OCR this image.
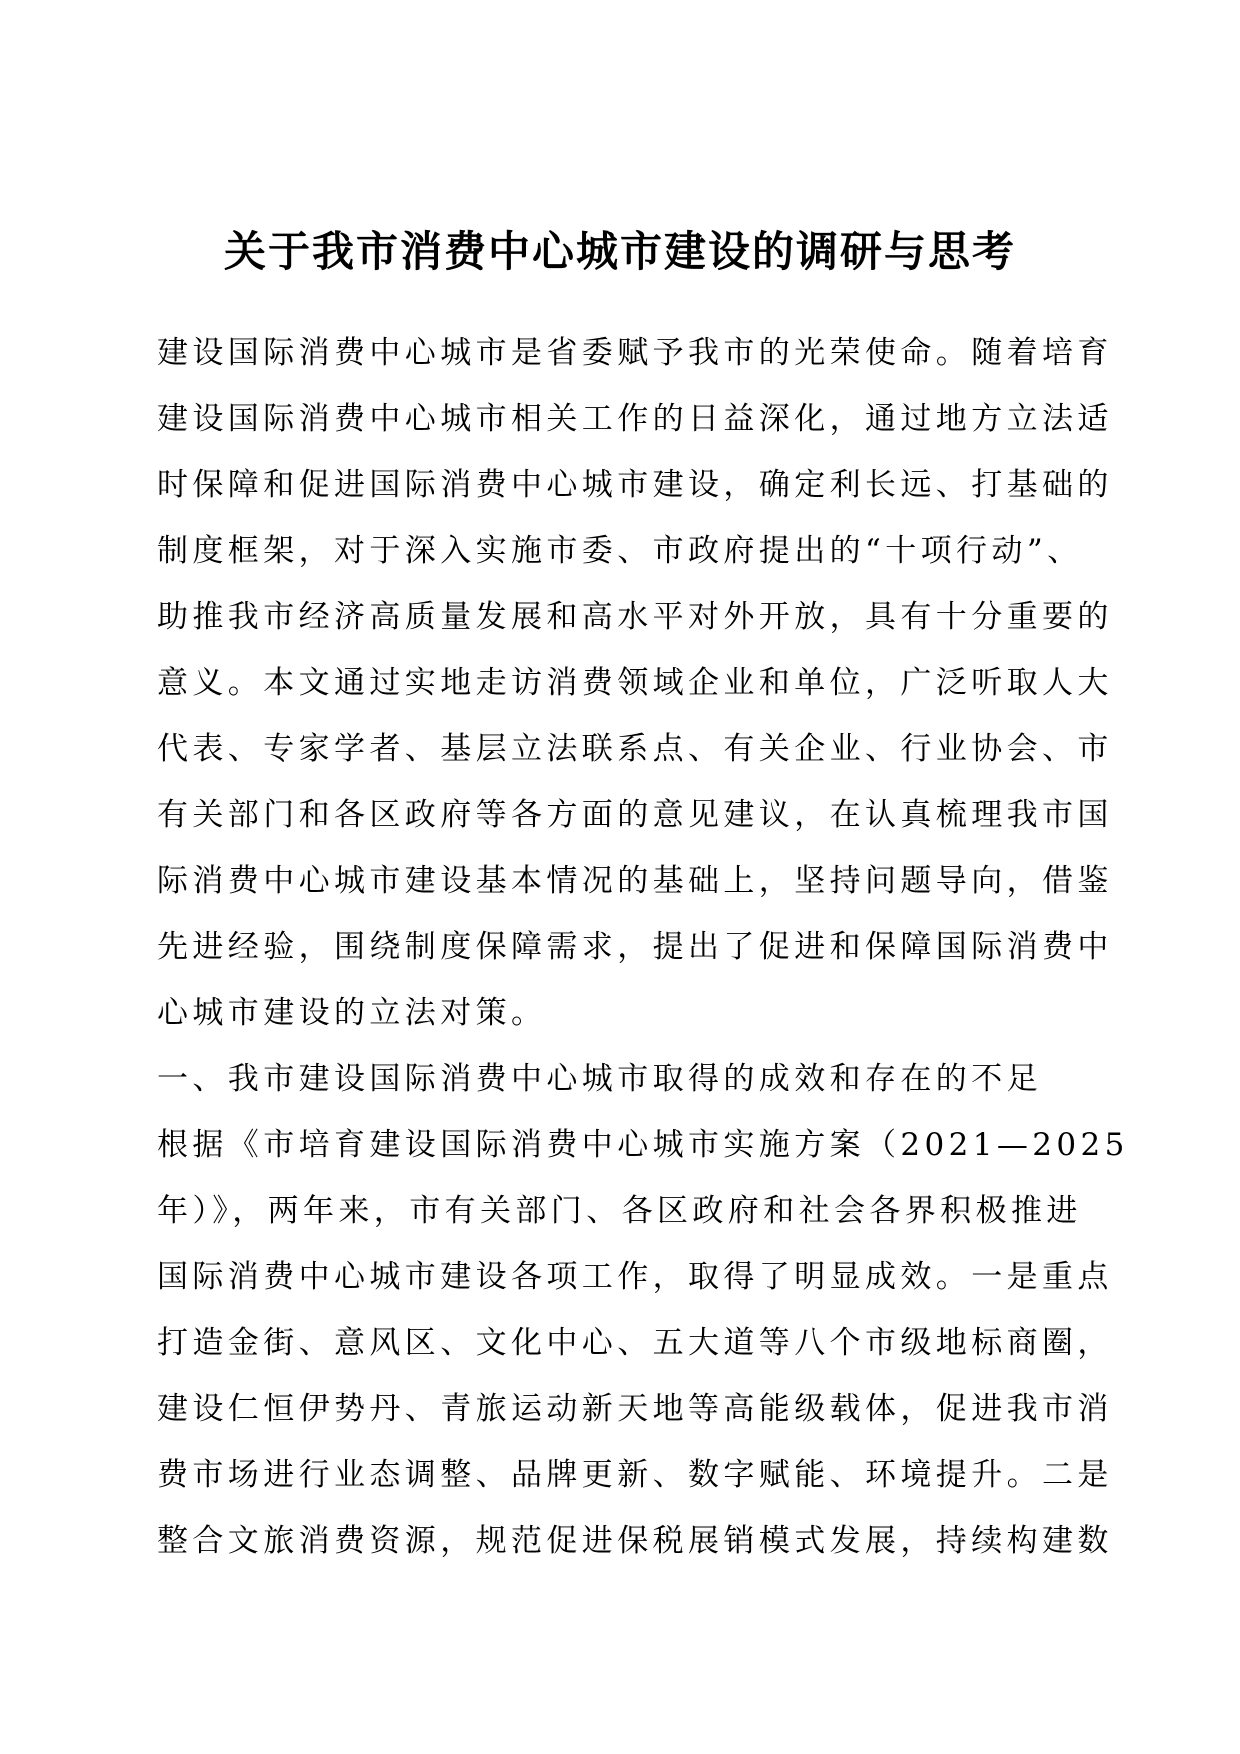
关于我市消费中心城市建设的调研与思考
建设国际消费中心城市是省委赋予我市的光荣使命。随着培育
建设国际消费中心城市相关工作的日益深化，通过地方立法适
时保障和促进国际消费中心城市建设，确定利长远、打基础的
制度框架，对于深入实施市委、市政府提出的“十项行动”、
助推我市经济高质量发展和高水平对外开放，具有十分重要的
意义。本文通过实地走访消费领域企业和单位，广泛听取人大
代表、专家学者、基层立法联系点、有关企业、行业协会、市
有关部门和各区政府等各方面的意见建议，在认真梳理我市国
际消费中心城市建设基本情况的基础上，坚持问题导向，借鉴
先进经验，围绕制度保障需求，提出了促进和保障国际消费中
心城市建设的立法对策。
一、我市建设国际消费中心城市取得的成效和存在的不足
根据《市培育建设国际消费中心城市实施方案（2021—2025
年）》，两年来，市有关部门、各区政府和社会各界积极推进
国际消费中心城市建设各项工作，取得了明显成效。一是重点
打造金街、意风区、文化中心、五大道等八个市级地标商圈，
建设仁恒伊势丹、青旅运动新天地等高能级载体，促进我市消
费市场进行业态调整、品牌更新、数字赋能、环境提升。二是
整合文旅消费资源，规范促进保税展销模式发展，持续构建数
